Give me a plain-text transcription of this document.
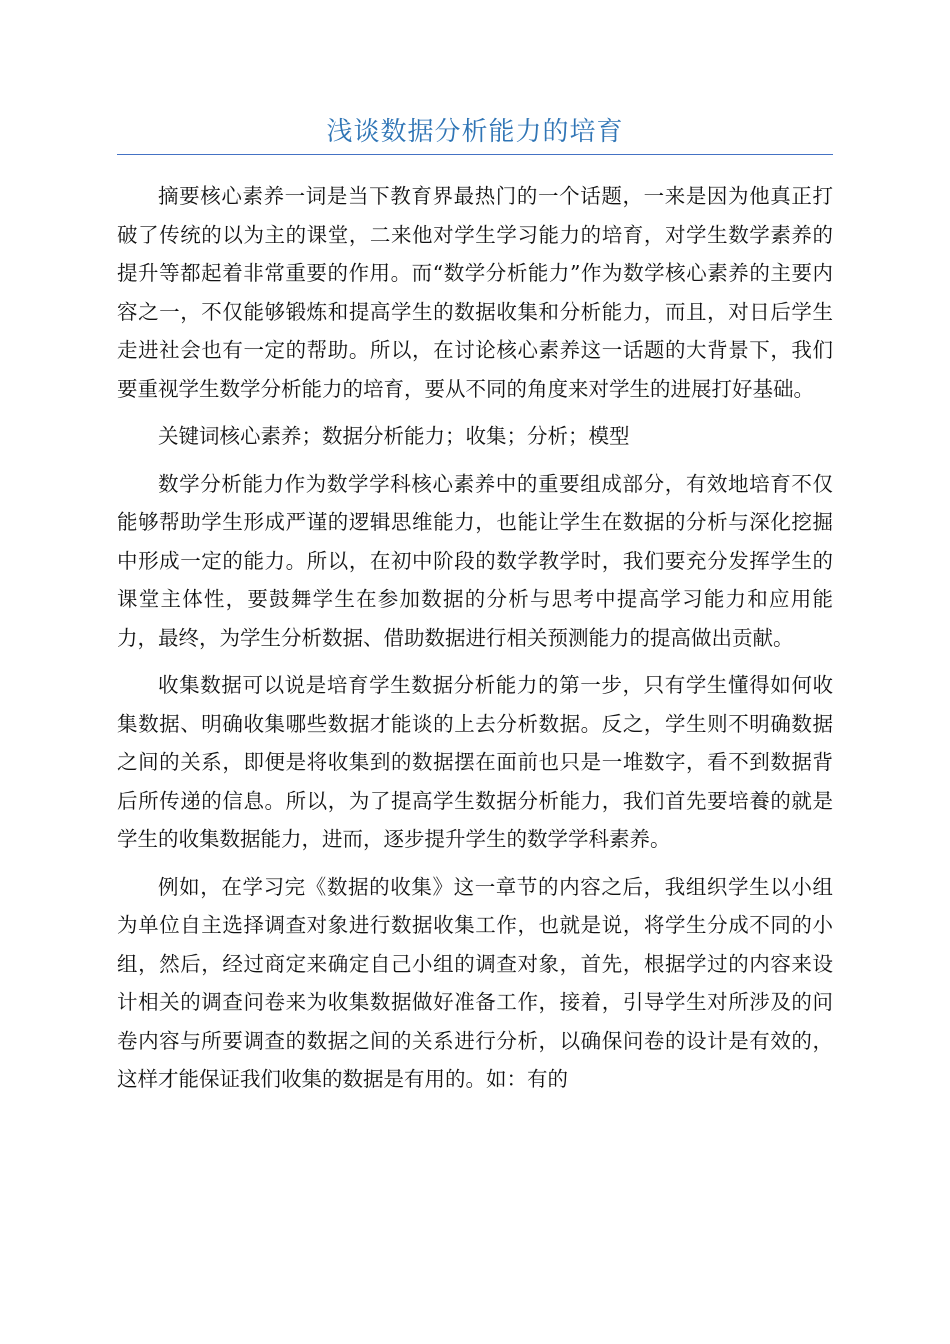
浅谈数据分析能力的培育

摘要核心素养一词是当下教育界最热门的一个话题，一来是因为他真正打破了传统的以为主的课堂，二来他对学生学习能力的培育，对学生数学素养的提升等都起着非常重要的作用。而“数学分析能力”作为数学核心素养的主要内容之一，不仅能够锻炼和提高学生的数据收集和分析能力，而且，对日后学生走进社会也有一定的帮助。所以，在讨论核心素养这一话题的大背景下，我们要重视学生数学分析能力的培育，要从不同的角度来对学生的进展打好基础。

关键词核心素养；数据分析能力；收集；分析；模型

数学分析能力作为数学学科核心素养中的重要组成部分，有效地培育不仅能够帮助学生形成严谨的逻辑思维能力，也能让学生在数据的分析与深化挖掘中形成一定的能力。所以，在初中阶段的数学教学时，我们要充分发挥学生的课堂主体性，要鼓舞学生在参加数据的分析与思考中提高学习能力和应用能力，最终，为学生分析数据、借助数据进行相关预测能力的提高做出贡献。

收集数据可以说是培育学生数据分析能力的第一步，只有学生懂得如何收集数据、明确收集哪些数据才能谈的上去分析数据。反之，学生则不明确数据之间的关系，即便是将收集到的数据摆在面前也只是一堆数字，看不到数据背后所传递的信息。所以，为了提高学生数据分析能力，我们首先要培養的就是学生的收集数据能力，进而，逐步提升学生的数学学科素养。

例如，在学习完《数据的收集》这一章节的内容之后，我组织学生以小组为单位自主选择调查对象进行数据收集工作，也就是说，将学生分成不同的小组，然后，经过商定来确定自己小组的调查对象，首先，根据学过的内容来设计相关的调查问卷来为收集数据做好准备工作，接着，引导学生对所涉及的问卷内容与所要调查的数据之间的关系进行分析，以确保问卷的设计是有效的，这样才能保证我们收集的数据是有用的。如：有的
